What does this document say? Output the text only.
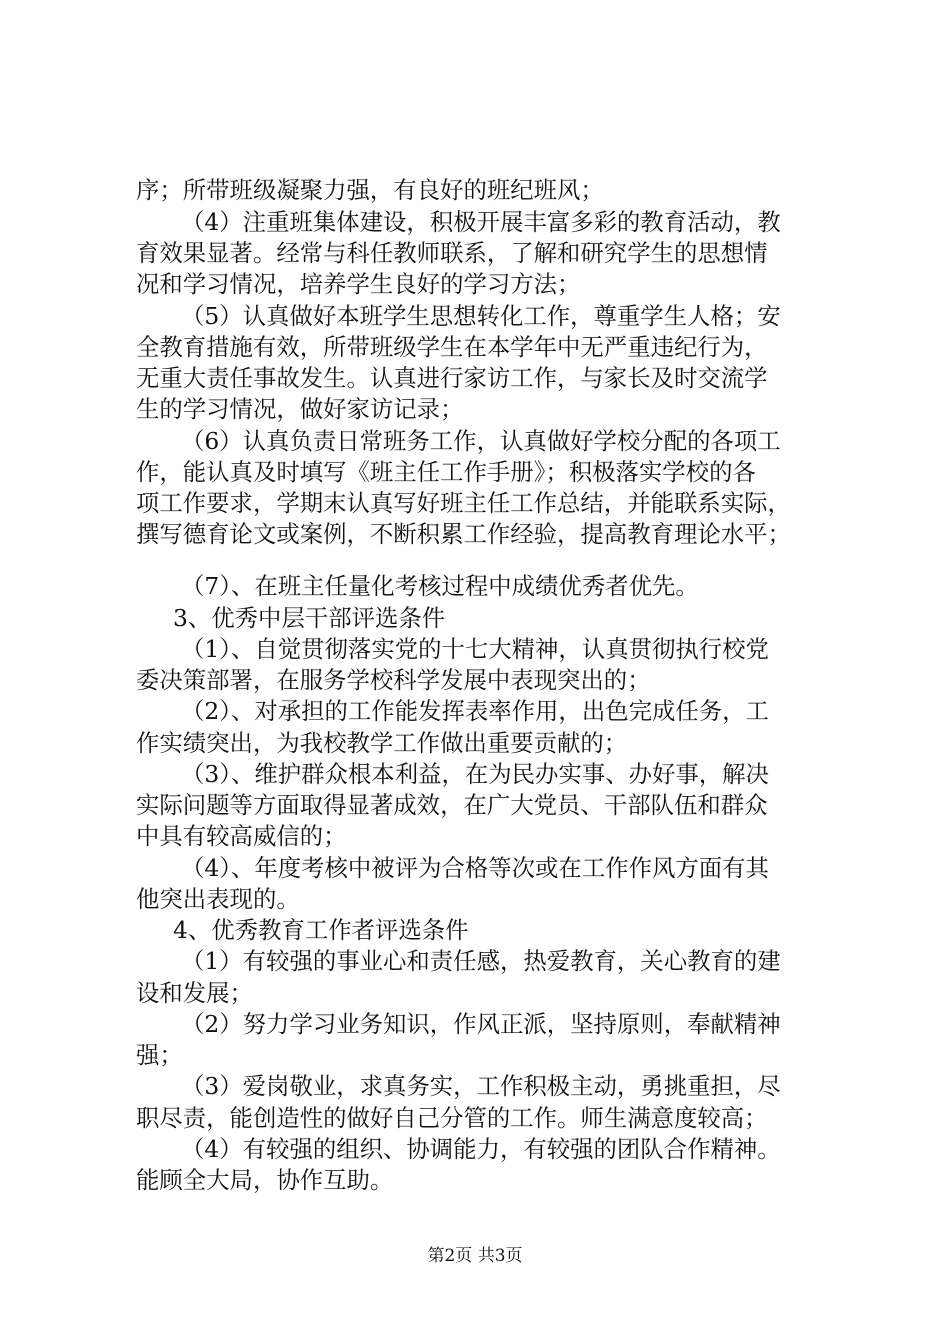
序；所带班级凝聚力强，有良好的班纪班风；
（4）注重班集体建设，积极开展丰富多彩的教育活动，教
育效果显著。经常与科任教师联系，了解和研究学生的思想情
况和学习情况，培养学生良好的学习方法；
（5）认真做好本班学生思想转化工作，尊重学生人格；安
全教育措施有效，所带班级学生在本学年中无严重违纪行为，
无重大责任事故发生。认真进行家访工作，与家长及时交流学
生的学习情况，做好家访记录；
（6）认真负责日常班务工作，认真做好学校分配的各项工
作，能认真及时填写《班主任工作手册》；积极落实学校的各
项工作要求，学期末认真写好班主任工作总结，并能联系实际，
撰写德育论文或案例，不断积累工作经验，提高教育理论水平；
（7）、在班主任量化考核过程中成绩优秀者优先。
3、优秀中层干部评选条件
（1）、自觉贯彻落实党的十七大精神，认真贯彻执行校党
委决策部署，在服务学校科学发展中表现突出的；
（2）、对承担的工作能发挥表率作用，出色完成任务，工
作实绩突出，为我校教学工作做出重要贡献的；
（3）、维护群众根本利益，在为民办实事、办好事，解决
实际问题等方面取得显著成效，在广大党员、干部队伍和群众
中具有较高威信的；
（4）、年度考核中被评为合格等次或在工作作风方面有其
他突出表现的。
4、优秀教育工作者评选条件
（1）有较强的事业心和责任感，热爱教育，关心教育的建
设和发展；
（2）努力学习业务知识，作风正派，坚持原则，奉献精神
强；
（3）爱岗敬业，求真务实，工作积极主动，勇挑重担，尽
职尽责，能创造性的做好自己分管的工作。师生满意度较高；
（4）有较强的组织、协调能力，有较强的团队合作精神。
能顾全大局，协作互助。
第2页 共3页
